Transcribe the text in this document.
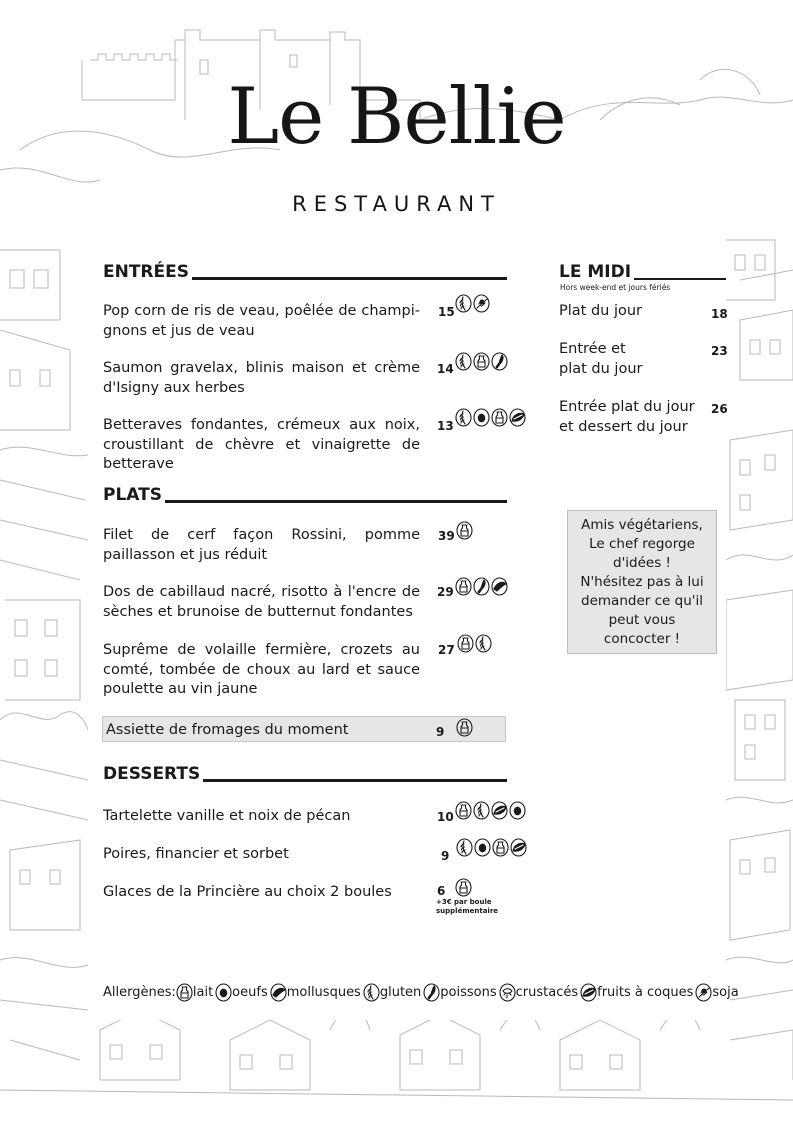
Le Bellie
RESTAURANT
ENTRÉES
Pop corn de ris de veau, poêlée de champi-gnons et jus de veau
15
Saumon gravelax, blinis maison et crème d'Isigny aux herbes
14
Betteraves fondantes, crémeux aux noix, croustillant de chèvre et vinaigrette de betterave
13
PLATS
Filet de cerf façon Rossini, pomme paillasson et jus réduit
39
Dos de cabillaud nacré, risotto à l'encre de sèches et brunoise de butternut fondantes
29
Suprême de volaille fermière, crozets au comté, tombée de choux au lard et sauce poulette au vin jaune
27
Assiette de fromages du moment	9
DESSERTS
Tartelette vanille et noix de pécan	10
Poires, financier et sorbet	9
Glaces de la Princière au choix 2 boules	6
+3€ par boule supplémentaire
LE MIDI
Hors week-end et jours fériés
Plat du jour	18
Entrée et plat du jour
23
Entrée plat du jour et dessert du jour
26
Amis végétariens,
Le chef regorge
d'idées !
N'hésitez pas à lui
demander ce qu'il
peut vous
concocter !
Allergènes: lait oeufs mollusques gluten poissons crustacés fruits à coques soja
